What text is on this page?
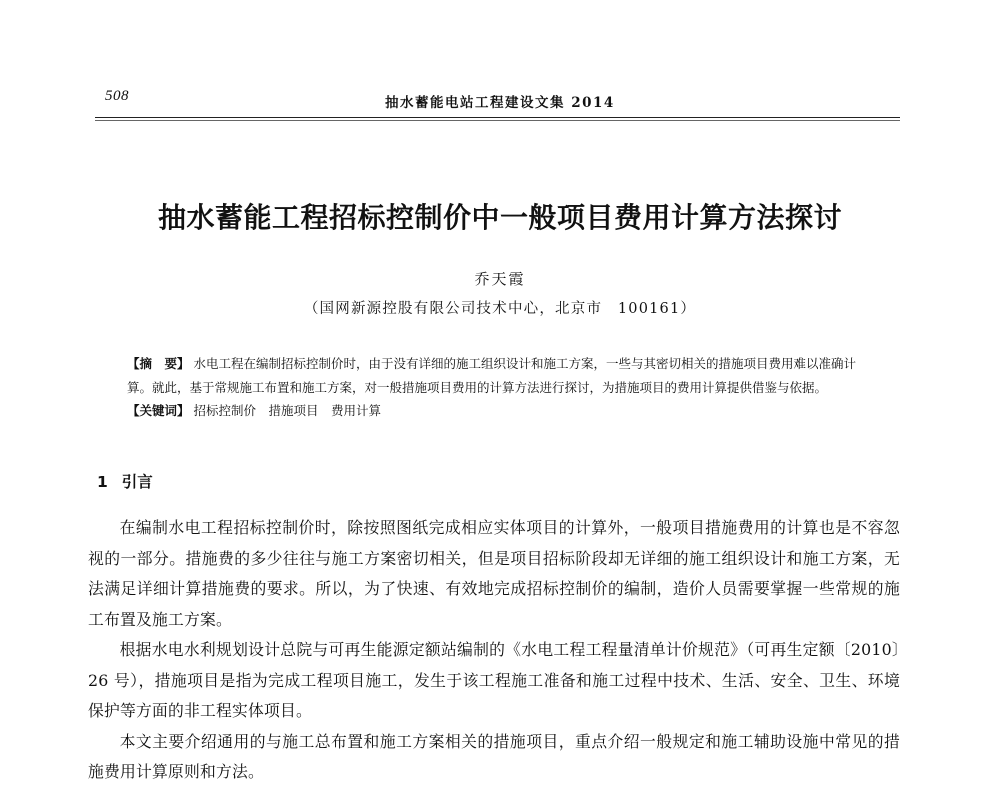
508	抽水蓄能电站工程建设文集 2014
抽水蓄能工程招标控制价中一般项目费用计算方法探讨
乔天霞
（国网新源控股有限公司技术中心，北京市　100161）

【摘　要】 水电工程在编制招标控制价时，由于没有详细的施工组织设计和施工方案，一些与其密切相关的措施项目费用难以准确计算。就此，基于常规施工布置和施工方案，对一般措施项目费用的计算方法进行探讨，为措施项目的费用计算提供借鉴与依据。

【关键词】 招标控制价　措施项目　费用计算

1 引言

在编制水电工程招标控制价时，除按照图纸完成相应实体项目的计算外，一般项目措施费用的计算也是不容忽视的一部分。措施费的多少往往与施工方案密切相关，但是项目招标阶段却无详细的施工组织设计和施工方案，无法满足详细计算措施费的要求。所以，为了快速、有效地完成招标控制价的编制，造价人员需要掌握一些常规的施工布置及施工方案。

根据水电水利规划设计总院与可再生能源定额站编制的《水电工程工程量清单计价规范》（可再生定额〔2010〕26 号），措施项目是指为完成工程项目施工，发生于该工程施工准备和施工过程中技术、生活、安全、卫生、环境保护等方面的非工程实体项目。

本文主要介绍通用的与施工总布置和施工方案相关的措施项目，重点介绍一般规定和施工辅助设施中常见的措施费用计算原则和方法。
